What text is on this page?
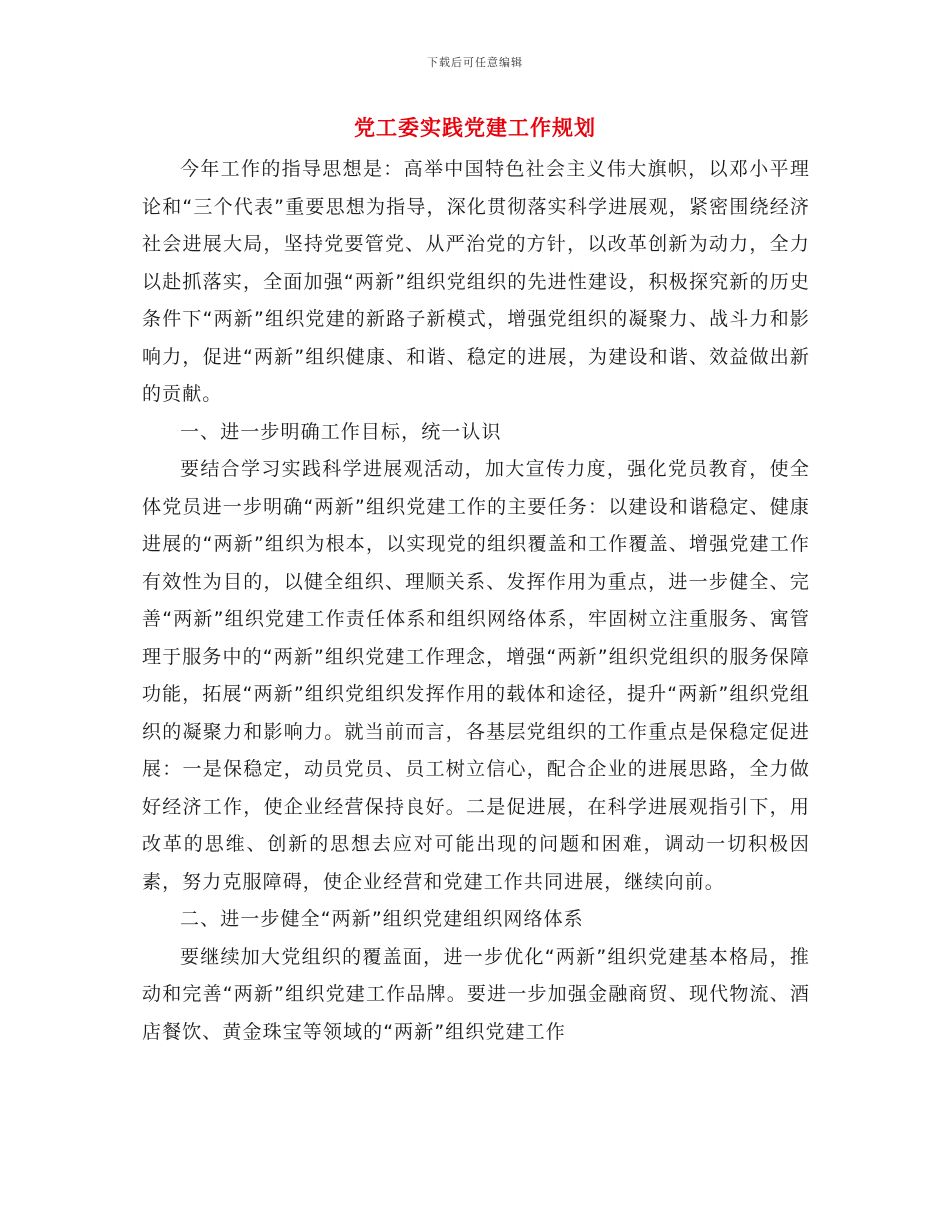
下载后可任意编辑
党工委实践党建工作规划

今年工作的指导思想是：高举中国特色社会主义伟大旗帜，以邓小平理论和“三个代表”重要思想为指导，深化贯彻落实科学进展观，紧密围绕经济社会进展大局，坚持党要管党、从严治党的方针，以改革创新为动力，全力以赴抓落实，全面加强“两新”组织党组织的先进性建设，积极探究新的历史条件下“两新”组织党建的新路子新模式，增强党组织的凝聚力、战斗力和影响力，促进“两新”组织健康、和谐、稳定的进展，为建设和谐、效益做出新的贡献。

一、进一步明确工作目标，统一认识

要结合学习实践科学进展观活动，加大宣传力度，强化党员教育，使全体党员进一步明确“两新”组织党建工作的主要任务：以建设和谐稳定、健康进展的“两新”组织为根本，以实现党的组织覆盖和工作覆盖、增强党建工作有效性为目的，以健全组织、理顺关系、发挥作用为重点，进一步健全、完善“两新”组织党建工作责任体系和组织网络体系，牢固树立注重服务、寓管理于服务中的“两新”组织党建工作理念，增强“两新”组织党组织的服务保障功能，拓展“两新”组织党组织发挥作用的载体和途径，提升“两新”组织党组织的凝聚力和影响力。就当前而言，各基层党组织的工作重点是保稳定促进展：一是保稳定，动员党员、员工树立信心，配合企业的进展思路，全力做好经济工作，使企业经营保持良好。二是促进展，在科学进展观指引下，用改革的思维、创新的思想去应对可能出现的问题和困难，调动一切积极因素，努力克服障碍，使企业经营和党建工作共同进展，继续向前。

二、进一步健全“两新”组织党建组织网络体系

要继续加大党组织的覆盖面，进一步优化“两新”组织党建基本格局，推动和完善“两新”组织党建工作品牌。要进一步加强金融商贸、现代物流、酒店餐饮、黄金珠宝等领域的“两新”组织党建工作
